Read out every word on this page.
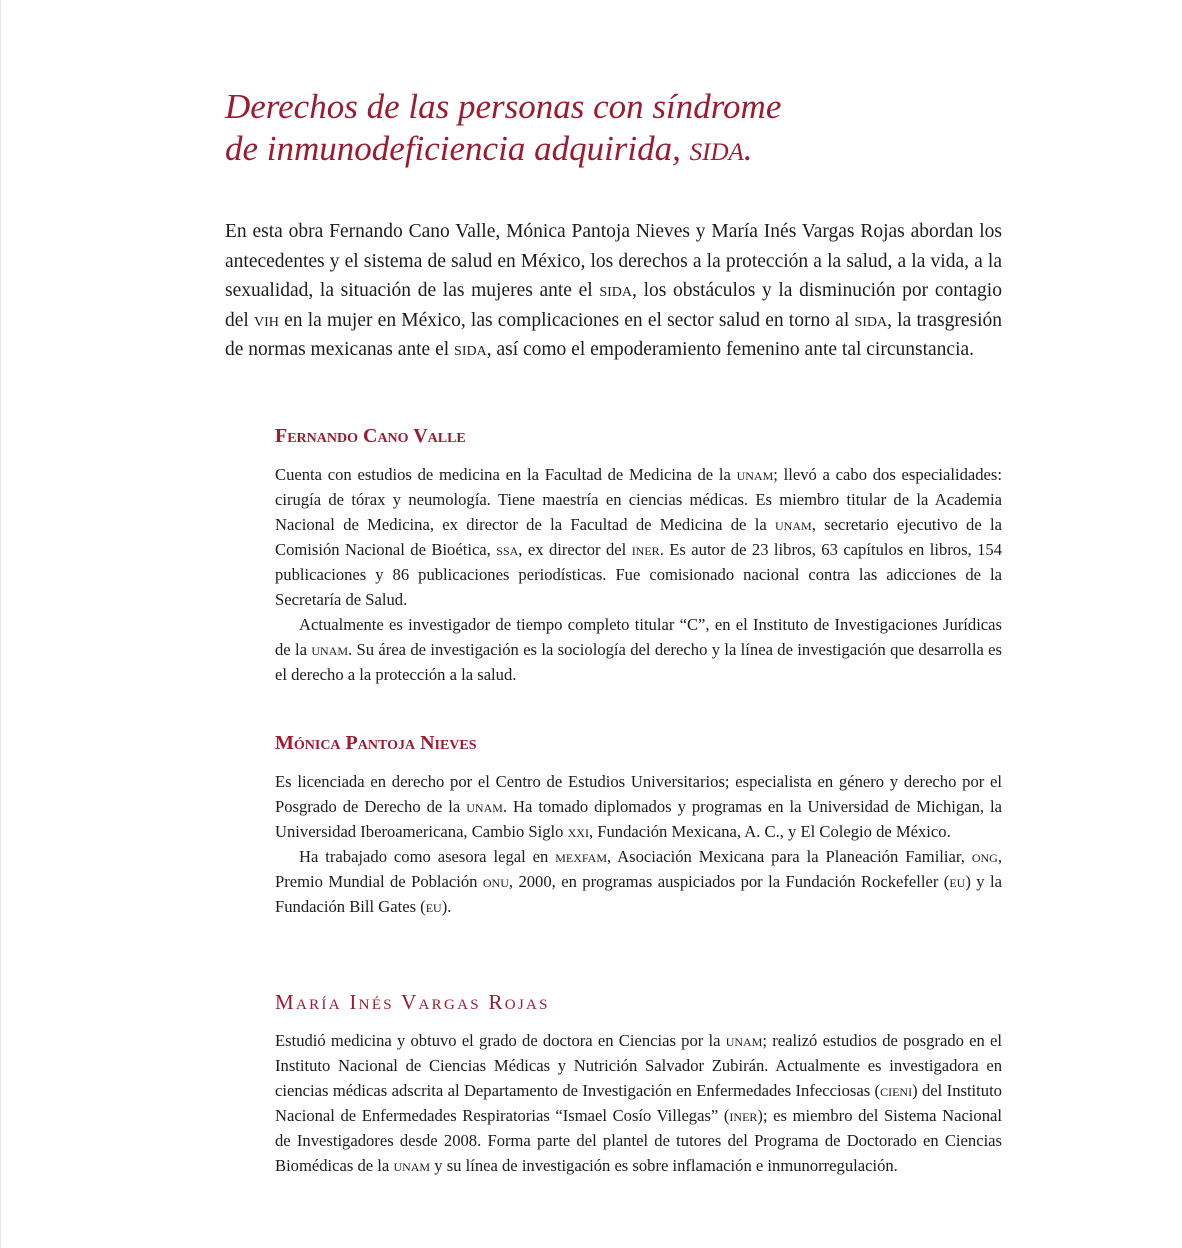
Derechos de las personas con síndrome
de inmunodeficiencia adquirida, sida.

En esta obra Fernando Cano Valle, Mónica Pantoja Nieves y María Inés Vargas Rojas abordan los antecedentes y el sistema de salud en México, los derechos a la protección a la salud, a la vida, a la sexualidad, la situación de las mujeres ante el sida, los obstáculos y la disminución por contagio del vih en la mujer en México, las complicaciones en el sector salud en torno al sida, la trasgresión de normas mexicanas ante el sida, así como el empoderamiento femenino ante tal circunstancia.

Fernando Cano Valle

Cuenta con estudios de medicina en la Facultad de Medicina de la unam; llevó a cabo dos especialidades: cirugía de tórax y neumología. Tiene maestría en ciencias médicas. Es miembro titular de la Academia Nacional de Medicina, ex director de la Facultad de Medicina de la unam, secretario ejecutivo de la Comisión Nacional de Bioética, ssa, ex director del iner. Es autor de 23 libros, 63 capítulos en libros, 154 publicaciones y 86 publicaciones periodísticas. Fue comisionado nacional contra las adicciones de la Secretaría de Salud.

Actualmente es investigador de tiempo completo titular “C”, en el Instituto de Investigaciones Jurídicas de la unam. Su área de investigación es la sociología del derecho y la línea de investigación que desarrolla es el derecho a la protección a la salud.

Mónica Pantoja Nieves

Es licenciada en derecho por el Centro de Estudios Universitarios; especialista en género y derecho por el Posgrado de Derecho de la unam. Ha tomado diplomados y programas en la Universidad de Michigan, la Universidad Iberoamericana, Cambio Siglo xxi, Fundación Mexicana, A. C., y El Colegio de México.

Ha trabajado como asesora legal en mexfam, Asociación Mexicana para la Planeación Familiar, ong, Premio Mundial de Población onu, 2000, en programas auspiciados por la Fundación Rockefeller (eu) y la Fundación Bill Gates (eu).

María Inés Vargas Rojas

Estudió medicina y obtuvo el grado de doctora en Ciencias por la unam; realizó estudios de posgrado en el Instituto Nacional de Ciencias Médicas y Nutrición Salvador Zubirán. Actualmente es investigadora en ciencias médicas adscrita al Departamento de Investigación en Enfermedades Infecciosas (cieni) del Instituto Nacional de Enfermedades Respiratorias “Ismael Cosío Villegas” (iner); es miembro del Sistema Nacional de Investigadores desde 2008. Forma parte del plantel de tutores del Programa de Doctorado en Ciencias Biomédicas de la unam y su línea de investigación es sobre inflamación e inmunorregulación.
